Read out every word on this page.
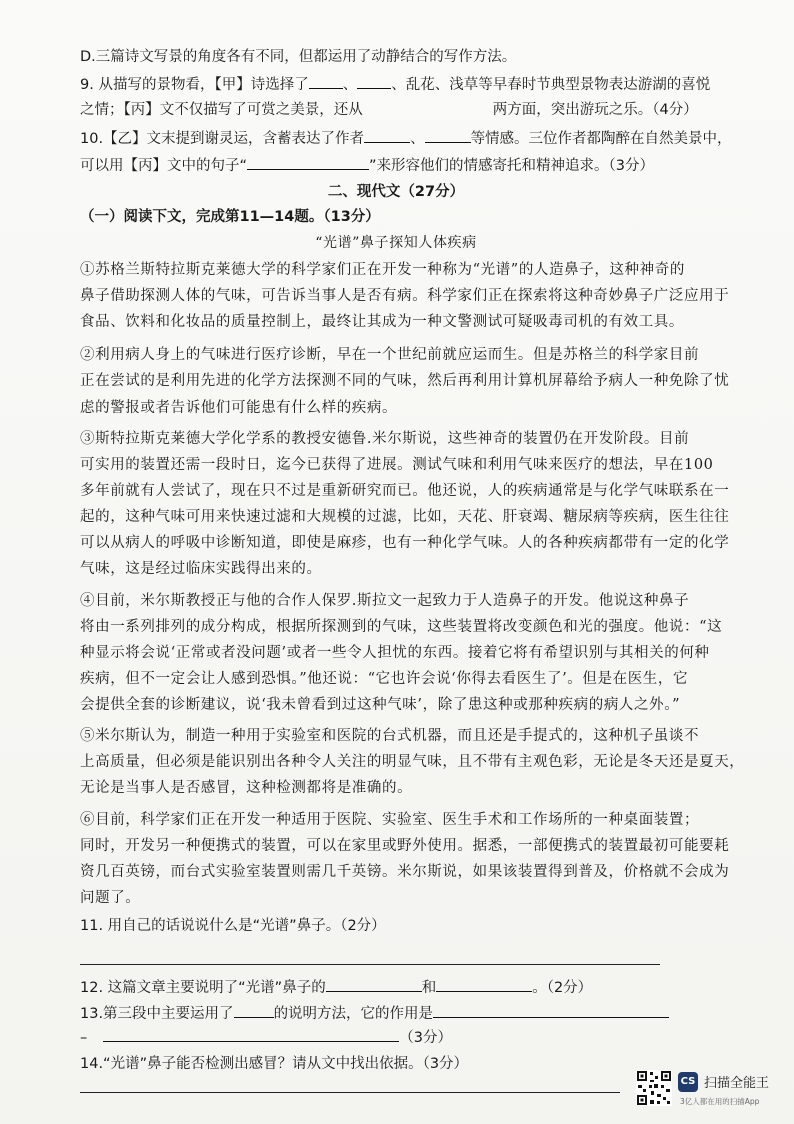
D.三篇诗文写景的角度各有不同，但都运用了动静结合的写作方法。
9. 从描写的景物看，【甲】诗选择了 、 、乱花、浅草等早春时节典型景物表达游湖的喜悦
之情；【丙】文不仅描写了可赏之美景，还从	两方面，突出游玩之乐。（4分）
10.【乙】文末提到谢灵运，含蓄表达了作者	、	等情感。三位作者都陶醉在自然美景中，
可以用【丙】文中的句子“	”来形容他们的情感寄托和精神追求。（3分）
二、现代文（27分）
（一）阅读下文，完成第11—14题。（13分）
“光谱”鼻子探知人体疾病
①苏格兰斯特拉斯克莱德大学的科学家们正在开发一种称为“光谱”的人造鼻子，这种神奇的
鼻子借助探测人体的气味，可告诉当事人是否有病。科学家们正在探索将这种奇妙鼻子广泛应用于
食品、饮料和化妆品的质量控制上，最终让其成为一种文警测试可疑吸毒司机的有效工具。
②利用病人身上的气味进行医疗诊断，早在一个世纪前就应运而生。但是苏格兰的科学家目前
正在尝试的是利用先进的化学方法探测不同的气味，然后再利用计算机屏幕给予病人一种免除了忧
虑的警报或者告诉他们可能患有什么样的疾病。
③斯特拉斯克莱德大学化学系的教授安德鲁.米尔斯说，这些神奇的装置仍在开发阶段。目前
可实用的装置还需一段时日，迄今已获得了进展。测试气味和利用气味来医疗的想法，早在100
多年前就有人尝试了，现在只不过是重新研究而已。他还说，人的疾病通常是与化学气味联系在一
起的，这种气味可用来快速过滤和大规模的过滤，比如，天花、肝衰竭、糖尿病等疾病，医生往往
可以从病人的呼吸中诊断知道，即使是麻疹，也有一种化学气味。人的各种疾病都带有一定的化学
气味，这是经过临床实践得出来的。
④目前，米尔斯教授正与他的合作人保罗.斯拉文一起致力于人造鼻子的开发。他说这种鼻子
将由一系列排列的成分构成，根据所探测到的气味，这些装置将改变颜色和光的强度。他说：“这
种显示将会说‘正常或者没问题’或者一些令人担忧的东西。接着它将有希望识别与其相关的何种
疾病，但不一定会让人感到恐惧。”他还说：“它也许会说‘你得去看医生了’。但是在医生，它
会提供全套的诊断建议，说‘我未曾看到过这种气味’，除了患这种或那种疾病的病人之外。”
⑤米尔斯认为，制造一种用于实验室和医院的台式机器，而且还是手提式的，这种机子虽谈不
上高质量，但必须是能识别出各种令人关注的明显气味，且不带有主观色彩，无论是冬天还是夏天，
无论是当事人是否感冒，这种检测都将是准确的。
⑥目前，科学家们正在开发一种适用于医院、实验室、医生手术和工作场所的一种桌面装置；
同时，开发另一种便携式的装置，可以在家里或野外使用。据悉，一部便携式的装置最初可能要耗
资几百英镑，而台式实验室装置则需几千英镑。米尔斯说，如果该装置得到普及，价格就不会成为
问题了。
11. 用自己的话说说什么是“光谱”鼻子。（2分）
12. 这篇文章主要说明了“光谱”鼻子的	和	。（2分）
13.第三段中主要运用了	的说明方法，它的作用是
–	（3分）
14.“光谱”鼻子能否检测出感冒？请从文中找出依据。（3分）
CS 扫描全能王
3亿人都在用的扫描App
